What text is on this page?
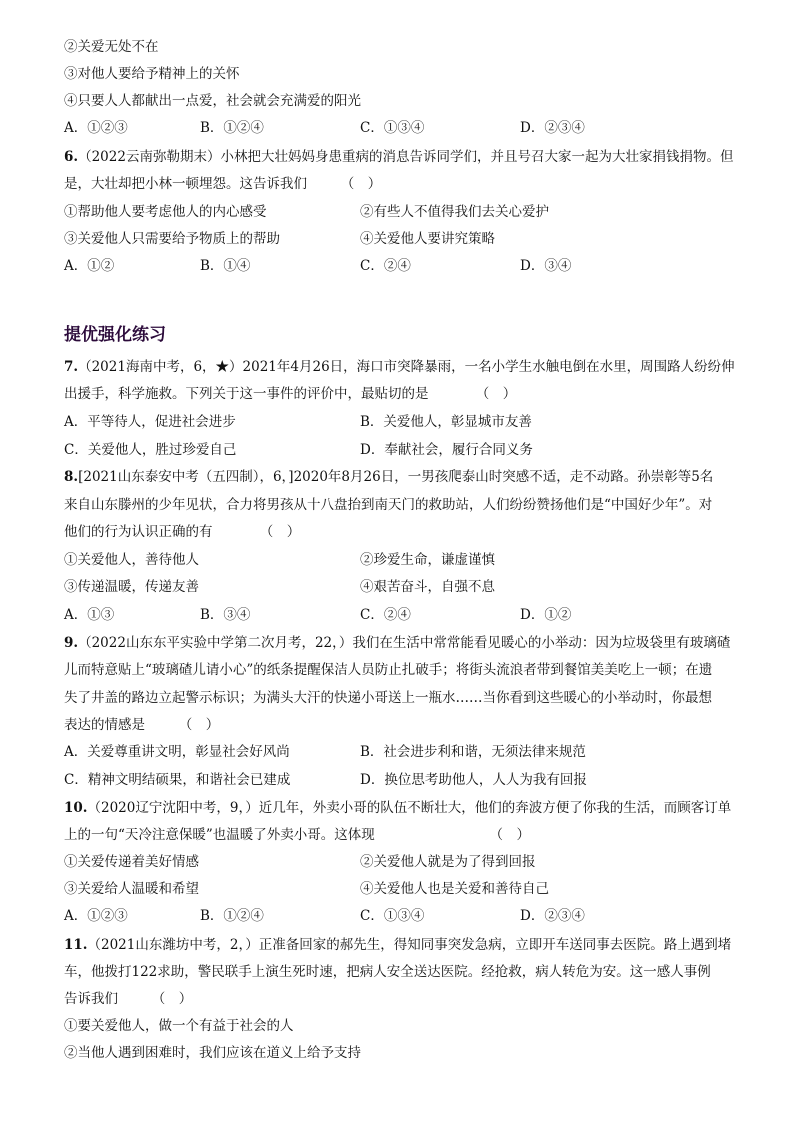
②关爱无处不在
③对他人要给予精神上的关怀
④只要人人都献出一点爱，社会就会充满爱的阳光
A．①②③	B．①②④	C．①③④	D．②③④
6.（2022云南弥勒期末）小林把大壮妈妈身患重病的消息告诉同学们，并且号召大家一起为大壮家捐钱捐物。但
是，大壮却把小林一顿埋怨。这告诉我们　　　（　）
①帮助他人要考虑他人的内心感受	②有些人不值得我们去关心爱护
③关爱他人只需要给予物质上的帮助	④关爱他人要讲究策略
A．①②	B．①④	C．②④	D．③④
提优强化练习
7.（2021海南中考，6，★）2021年4月26日，海口市突降暴雨，一名小学生水触电倒在水里，周围路人纷纷伸
出援手，科学施救。下列关于这一事件的评价中，最贴切的是　　　　（　）
A．平等待人，促进社会进步	B．关爱他人，彰显城市友善
C．关爱他人，胜过珍爱自己	D．奉献社会，履行合同义务
8.[2021山东泰安中考（五四制），6，]2020年8月26日，一男孩爬泰山时突感不适，走不动路。孙崇彰等5名
来自山东滕州的少年见状，合力将男孩从十八盘抬到南天门的救助站，人们纷纷赞扬他们是“中国好少年”。对
他们的行为认识正确的有　　　　（　）
①关爱他人，善待他人	②珍爱生命，谦虚谨慎
③传递温暖，传递友善	④艰苦奋斗，自强不息
A．①③	B．③④	C．②④	D．①②
9.（2022山东东平实验中学第二次月考，22，）我们在生活中常常能看见暖心的小举动：因为垃圾袋里有玻璃碴
儿而特意贴上“玻璃碴儿请小心”的纸条提醒保洁人员防止扎破手；将街头流浪者带到餐馆美美吃上一顿；在遗
失了井盖的路边立起警示标识；为满头大汗的快递小哥送上一瓶水……当你看到这些暖心的小举动时，你最想
表达的情感是　　　（　）
A．关爱尊重讲文明，彰显社会好风尚	B．社会进步利和谐，无须法律来规范
C．精神文明结硕果，和谐社会已建成	D．换位思考助他人，人人为我有回报
10.（2020辽宁沈阳中考，9，）近几年，外卖小哥的队伍不断壮大，他们的奔波方便了你我的生活，而顾客订单
上的一句“天冷注意保暖”也温暖了外卖小哥。这体现　　　　　　　　　（　）
①关爱传递着美好情感	②关爱他人就是为了得到回报
③关爱给人温暖和希望	④关爱他人也是关爱和善待自己
A．①②③	B．①②④	C．①③④	D．②③④
11.（2021山东潍坊中考，2，）正准备回家的郝先生，得知同事突发急病，立即开车送同事去医院。路上遇到堵
车，他拨打122求助，警民联手上演生死时速，把病人安全送达医院。经抢救，病人转危为安。这一感人事例
告诉我们　　　（　）
①要关爱他人，做一个有益于社会的人
②当他人遇到困难时，我们应该在道义上给予支持
